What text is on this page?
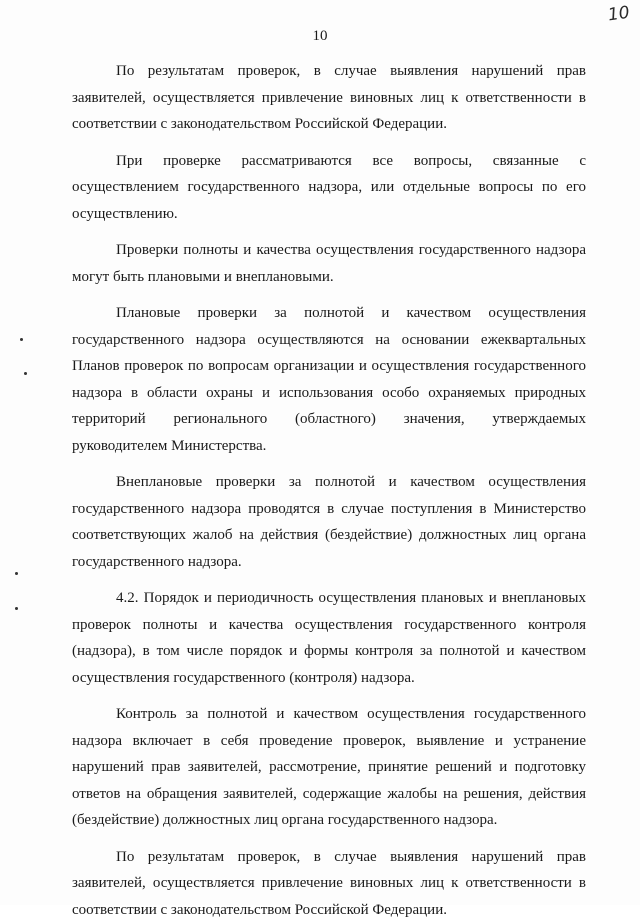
10
10

По результатам проверок, в случае выявления нарушений прав заявителей, осуществляется привлечение виновных лиц к ответственности в соответствии с законодательством Российской Федерации.

При проверке рассматриваются все вопросы, связанные с осуществлением государственного надзора, или отдельные вопросы по его осуществлению.

Проверки полноты и качества осуществления государственного надзора могут быть плановыми и внеплановыми.

Плановые проверки за полнотой и качеством осуществления государственного надзора осуществляются на основании ежеквартальных Планов проверок по вопросам организации и осуществления государственного надзора в области охраны и использования особо охраняемых природных территорий регионального (областного) значения, утверждаемых руководителем Министерства.

Внеплановые проверки за полнотой и качеством осуществления государственного надзора проводятся в случае поступления в Министерство соответствующих жалоб на действия (бездействие) должностных лиц органа государственного надзора.

4.2. Порядок и периодичность осуществления плановых и внеплановых проверок полноты и качества осуществления государственного контроля (надзора), в том числе порядок и формы контроля за полнотой и качеством осуществления государственного (контроля) надзора.

Контроль за полнотой и качеством осуществления государственного надзора включает в себя проведение проверок, выявление и устранение нарушений прав заявителей, рассмотрение, принятие решений и подготовку ответов на обращения заявителей, содержащие жалобы на решения, действия (бездействие) должностных лиц органа государственного надзора.

По результатам проверок, в случае выявления нарушений прав заявителей, осуществляется привлечение виновных лиц к ответственности в соответствии с законодательством Российской Федерации.
